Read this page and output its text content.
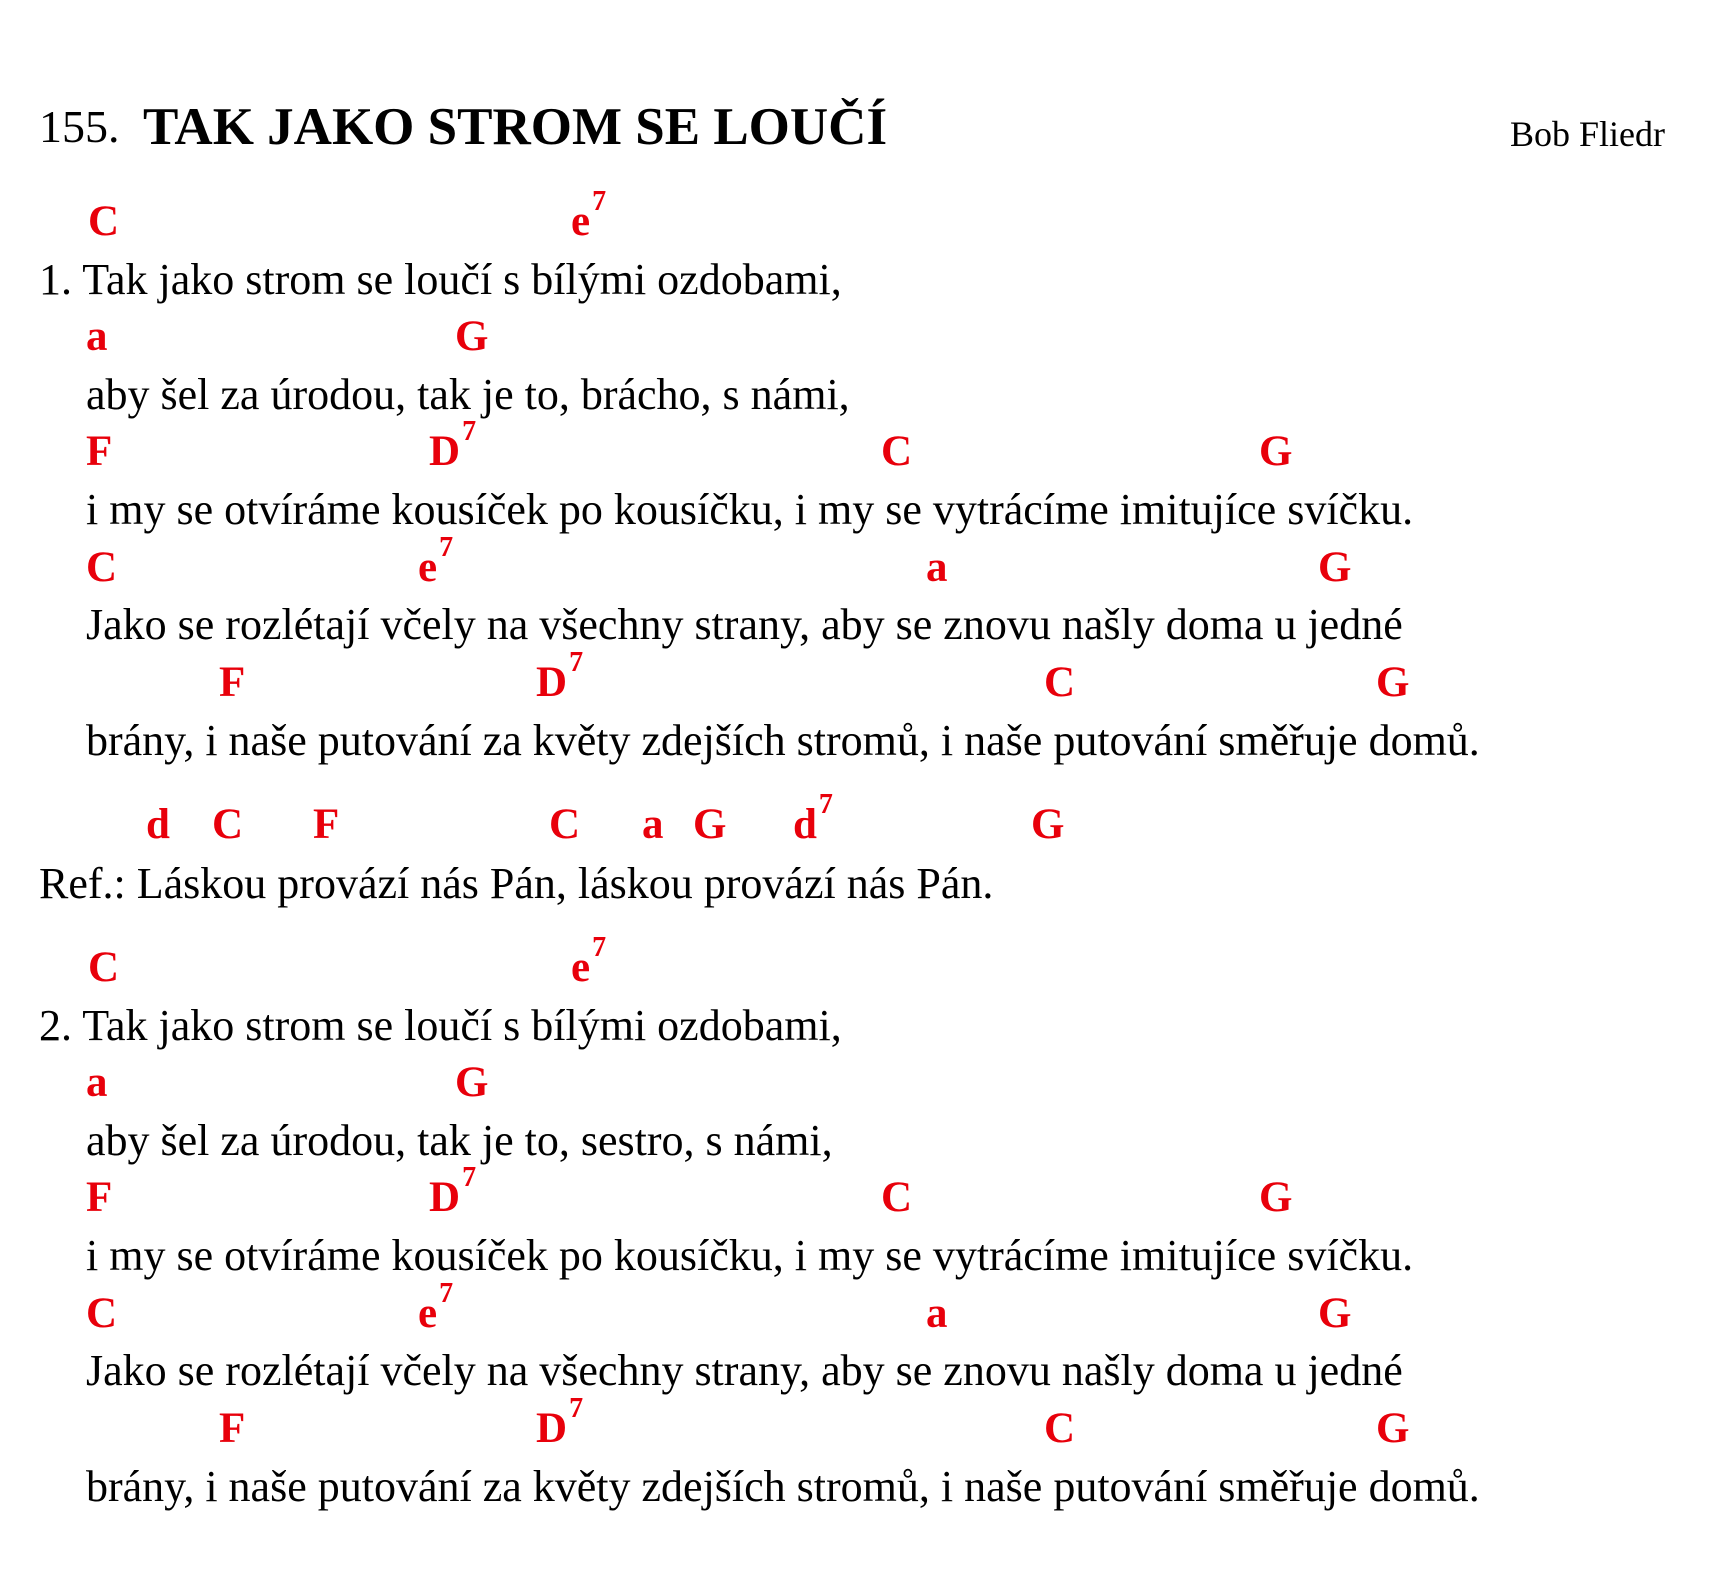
155. TAK JAKO STROM SE LOUČÍ	Bob Fliedr
1. Tak jako strom se loučí s bílými ozdobami,
C	$e^7$
aby šel za úrodou, tak je to, brácho, s námi,
a	G
i my se otvíráme kousíček po kousíčku, i my se vytrácíme imitujíce svíčku.
F	$D^7$	C	G
Jako se rozlétají včely na všechny strany, aby se znovu našly doma u jedné
C	$e^7$	a	G
brány, i naše putování za květy zdejších stromů, i naše putování směřuje domů.
F	$D^7$	C	G
Ref.: Láskou provází nás Pán, láskou provází nás Pán.
d C F	C a G $d^7$	G
2. Tak jako strom se loučí s bílými ozdobami,
C	$e^7$
aby šel za úrodou, tak je to, sestro, s námi,
a	G
i my se otvíráme kousíček po kousíčku, i my se vytrácíme imitujíce svíčku.
F	$D^7$	C	G
Jako se rozlétají včely na všechny strany, aby se znovu našly doma u jedné
C	$e^7$	a	G
brány, i naše putování za květy zdejších stromů, i naše putování směřuje domů.
F	$D^7$	C	G
